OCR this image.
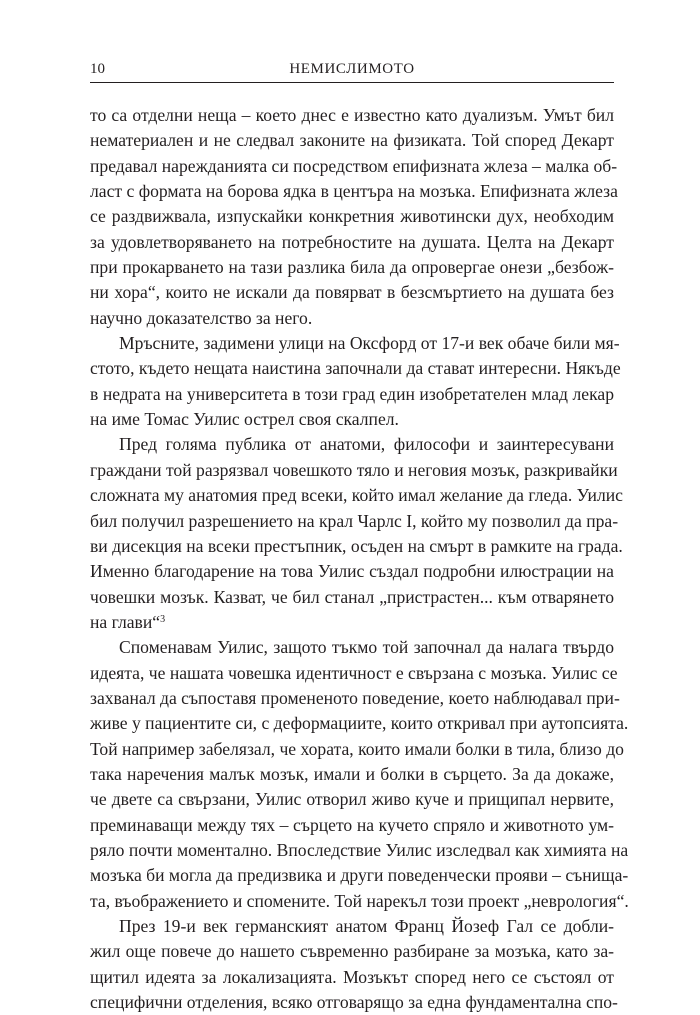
10	НЕМИСЛИМОТО
то са отделни неща – което днес е известно като дуализъм. Умът бил
нематериален и не следвал законите на физиката. Той според Декарт
предавал нарежданията си посредством епифизната жлеза – малка об-
ласт с формата на борова ядка в центъра на мозъка. Епифизната жлеза
се раздвижвала, изпускайки конкретния животински дух, необходим
за удовлетворяването на потребностите на душата. Целта на Декарт
при прокарването на тази разлика била да опровергае онези „безбож-
ни хора“, които не искали да повярват в безсмъртието на душата без
научно доказателство за него.
Мръсните, задимени улици на Оксфорд от 17-и век обаче били мя-
стото, където нещата наистина започнали да стават интересни. Някъде
в недрата на университета в този град един изобретателен млад лекар
на име Томас Уилис острел своя скалпел.
Пред голяма публика от анатоми, философи и заинтересувани
граждани той разрязвал човешкото тяло и неговия мозък, разкривайки
сложната му анатомия пред всеки, който имал желание да гледа. Уилис
бил получил разрешението на крал Чарлс I, който му позволил да пра-
ви дисекция на всеки престъпник, осъден на смърт в рамките на града.
Именно благодарение на това Уилис създал подробни илюстрации на
човешки мозък. Казват, че бил станал „пристрастен... към отварянето
на глави“$^3$
Споменавам Уилис, защото тъкмо той започнал да налага твърдо
идеята, че нашата човешка идентичност е свързана с мозъка. Уилис се
захванал да съпоставя промененото поведение, което наблюдавал при-
живе у пациентите си, с деформациите, които откривал при аутопсията.
Той например забелязал, че хората, които имали болки в тила, близо до
така наречения малък мозък, имали и болки в сърцето. За да докаже,
че двете са свързани, Уилис отворил живо куче и прищипал нервите,
преминаващи между тях – сърцето на кучето спряло и животното ум-
ряло почти моментално. Впоследствие Уилис изследвал как химията на
мозъка би могла да предизвика и други поведенчески прояви – сънища-
та, въображението и спомените. Той нарекъл този проект „неврология“.
През 19-и век германският анатом Франц Йозеф Гал се добли-
жил още повече до нашето съвременно разбиране за мозъка, като за-
щитил идеята за локализацията. Мозъкът според него се състоял от
специфични отделения, всяко отговарящо за една фундаментална спо-
